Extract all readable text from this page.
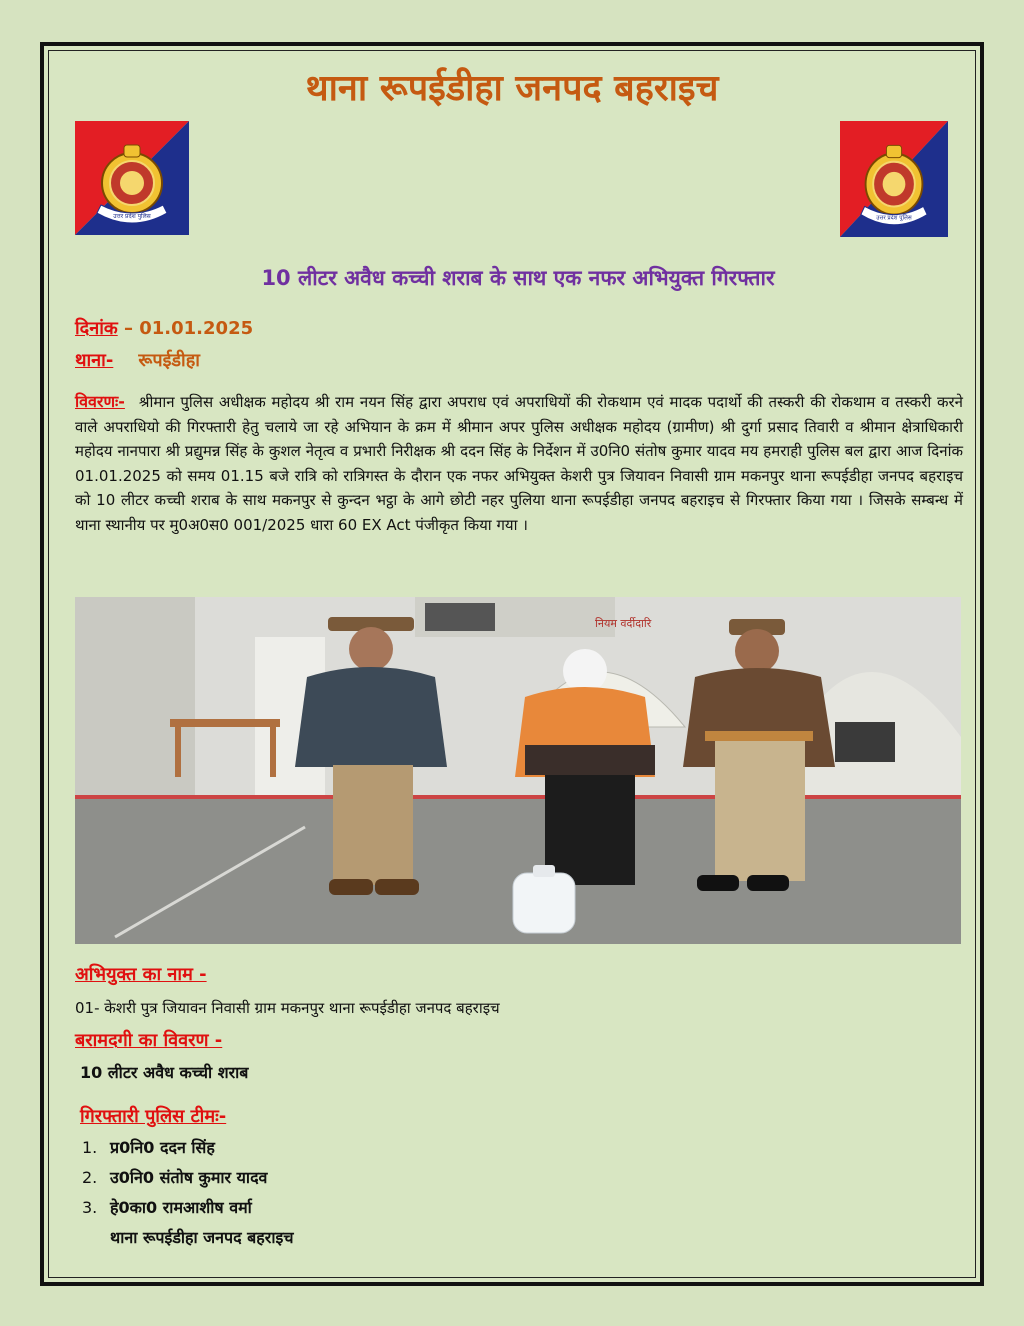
थाना रूपईडीहा जनपद बहराइच
उत्तर प्रदेश पुलिस	उत्तर प्रदेश पुलिस
10 लीटर अवैध कच्ची शराब के साथ एक नफर अभियुक्त गिरफ्तार
दिनांक – 01.01.2025
थाना- रूपईडीहा
विवरणः- श्रीमान पुलिस अधीक्षक महोदय श्री राम नयन सिंह द्वारा अपराध एवं अपराधियों की रोकथाम एवं मादक पदार्थो की तस्करी की रोकथाम व तस्करी करने वाले अपराधियो की गिरफ्तारी हेतु चलाये जा रहे अभियान के क्रम में श्रीमान अपर पुलिस अधीक्षक महोदय (ग्रामीण) श्री दुर्गा प्रसाद तिवारी व श्रीमान क्षेत्राधिकारी महोदय नानपारा श्री प्रद्युमन्न सिंह के कुशल नेतृत्व व प्रभारी निरीक्षक श्री ददन सिंह के निर्देशन में उ0नि0 संतोष कुमार यादव मय हमराही पुलिस बल द्वारा आज दिनांक 01.01.2025 को समय 01.15 बजे रात्रि को रात्रिगस्त के दौरान एक नफर अभियुक्त केशरी पुत्र जियावन निवासी ग्राम मकनपुर थाना रूपईडीहा जनपद बहराइच को 10 लीटर कच्ची शराब के साथ मकनपुर से कुन्दन भट्ठा के आगे छोटी नहर पुलिया थाना रूपईडीहा जनपद बहराइच से गिरफ्तार किया गया । जिसके सम्बन्ध में थाना स्थानीय पर मु0अ0स0 001/2025 धारा 60 EX Act पंजीकृत किया गया ।
नियम वर्दीदारि
अभियुक्त का नाम -
01- केशरी पुत्र जियावन निवासी ग्राम मकनपुर थाना रूपईडीहा जनपद बहराइच
बरामदगी का विवरण -
10 लीटर अवैध कच्ची शराब
गिरफ्तारी पुलिस टीमः-
1. प्र0नि0 ददन सिंह
2. उ0नि0 संतोष कुमार यादव
3. हे0का0 रामआशीष वर्मा
थाना रूपईडीहा जनपद बहराइच
